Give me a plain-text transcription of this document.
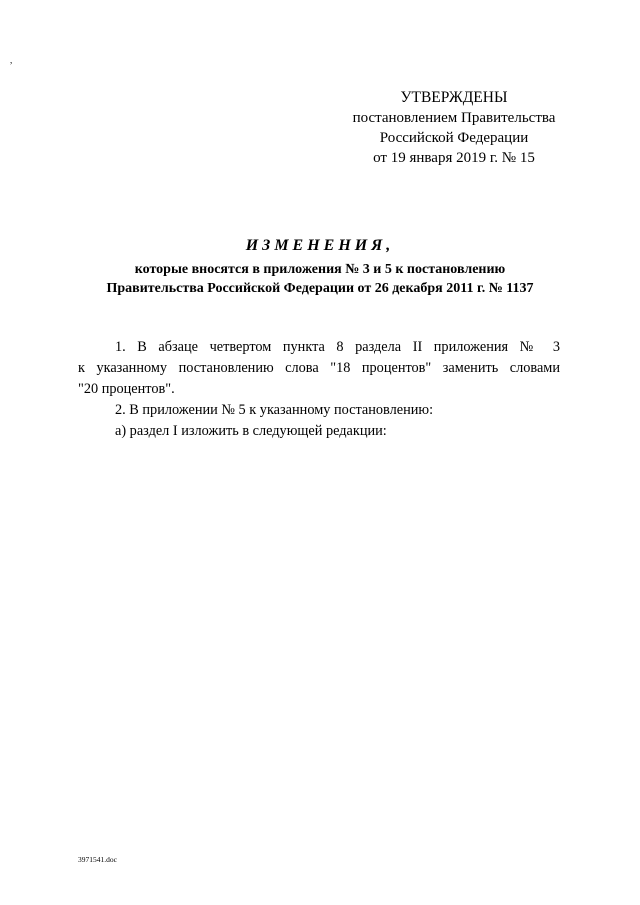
,
УТВЕРЖДЕНЫ
постановлением Правительства
Российской Федерации
от 19 января 2019 г. № 15
ИЗМЕНЕНИЯ,
которые вносятся в приложения № 3 и 5 к постановлению
Правительства Российской Федерации от 26 декабря 2011 г. № 1137
1. В абзаце четвертом пункта 8 раздела II приложения № 3
к указанному постановлению слова "18 процентов" заменить словами
"20 процентов".
2. В приложении № 5 к указанному постановлению:
а) раздел I изложить в следующей редакции:
3971541.doc
